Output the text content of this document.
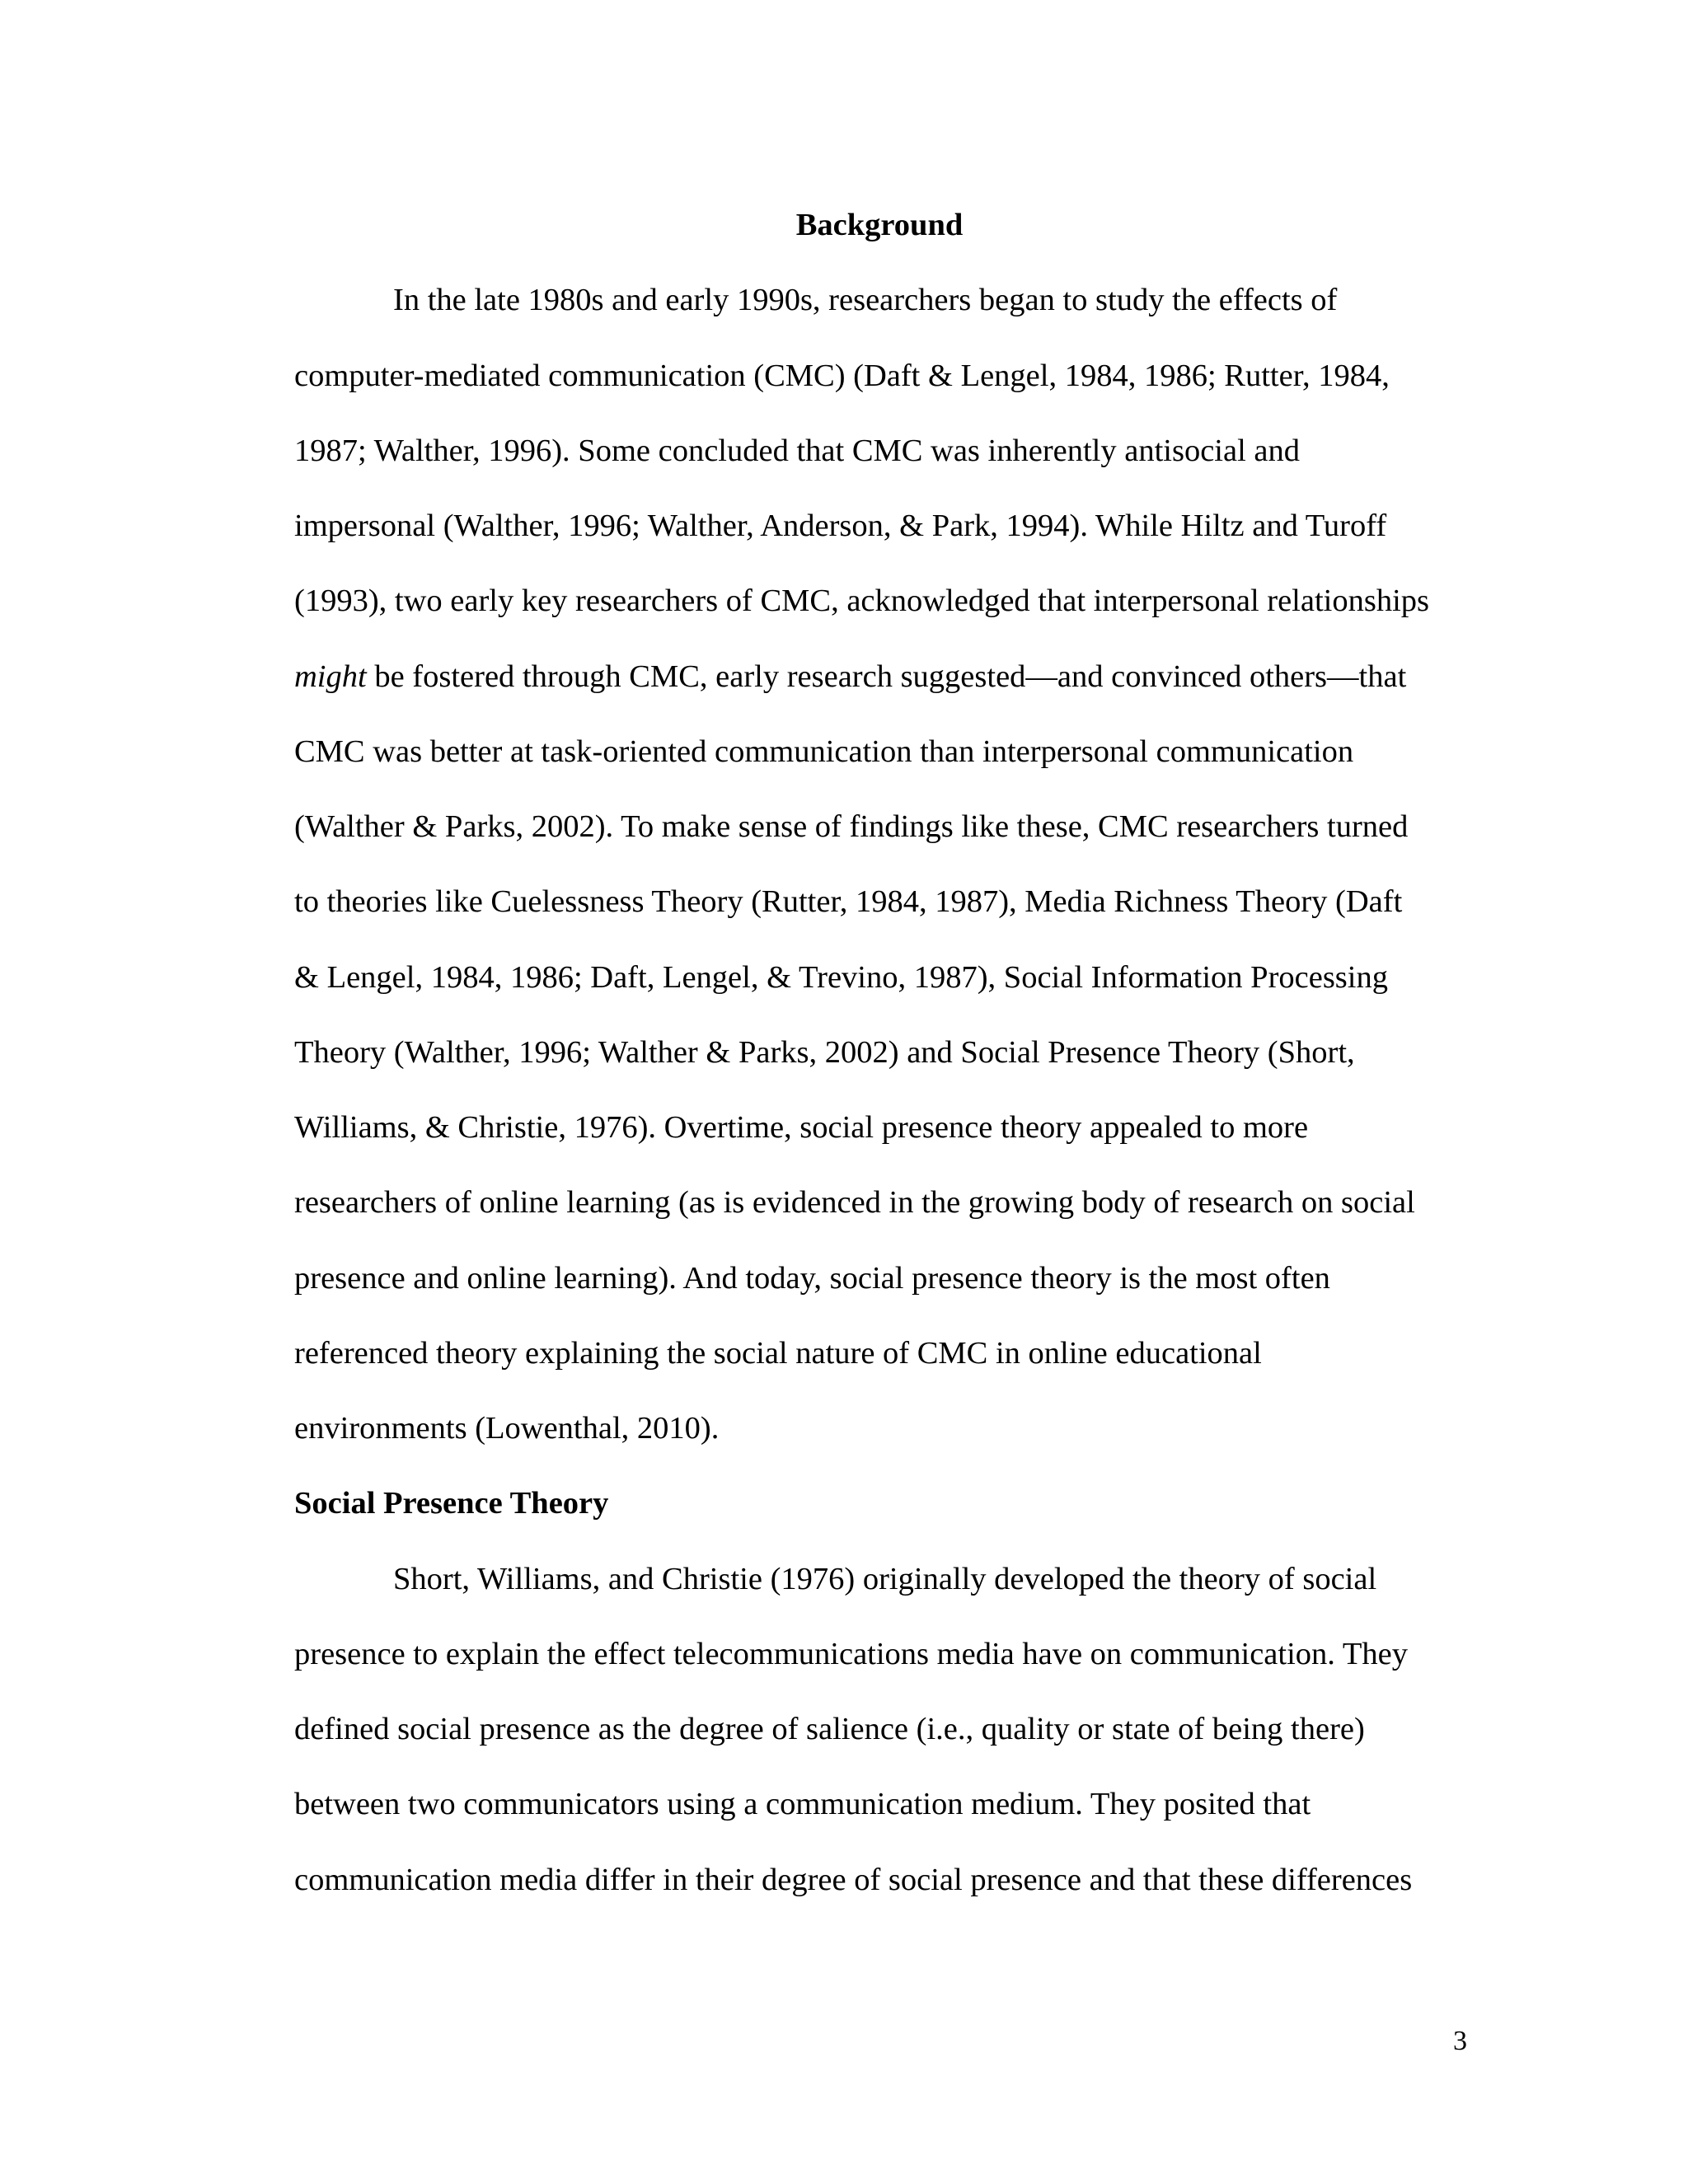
Background
In the late 1980s and early 1990s, researchers began to study the effects of
computer-mediated communication (CMC) (Daft & Lengel, 1984, 1986; Rutter, 1984,
1987; Walther, 1996). Some concluded that CMC was inherently antisocial and
impersonal (Walther, 1996; Walther, Anderson, & Park, 1994). While Hiltz and Turoff
(1993), two early key researchers of CMC, acknowledged that interpersonal relationships
might be fostered through CMC, early research suggested—and convinced others—that
CMC was better at task-oriented communication than interpersonal communication
(Walther & Parks, 2002). To make sense of findings like these, CMC researchers turned
to theories like Cuelessness Theory (Rutter, 1984, 1987), Media Richness Theory (Daft
& Lengel, 1984, 1986; Daft, Lengel, & Trevino, 1987), Social Information Processing
Theory (Walther, 1996; Walther & Parks, 2002) and Social Presence Theory (Short,
Williams, & Christie, 1976). Overtime, social presence theory appealed to more
researchers of online learning (as is evidenced in the growing body of research on social
presence and online learning). And today, social presence theory is the most often
referenced theory explaining the social nature of CMC in online educational
environments (Lowenthal, 2010).
Social Presence Theory
Short, Williams, and Christie (1976) originally developed the theory of social
presence to explain the effect telecommunications media have on communication. They
defined social presence as the degree of salience (i.e., quality or state of being there)
between two communicators using a communication medium. They posited that
communication media differ in their degree of social presence and that these differences
3
